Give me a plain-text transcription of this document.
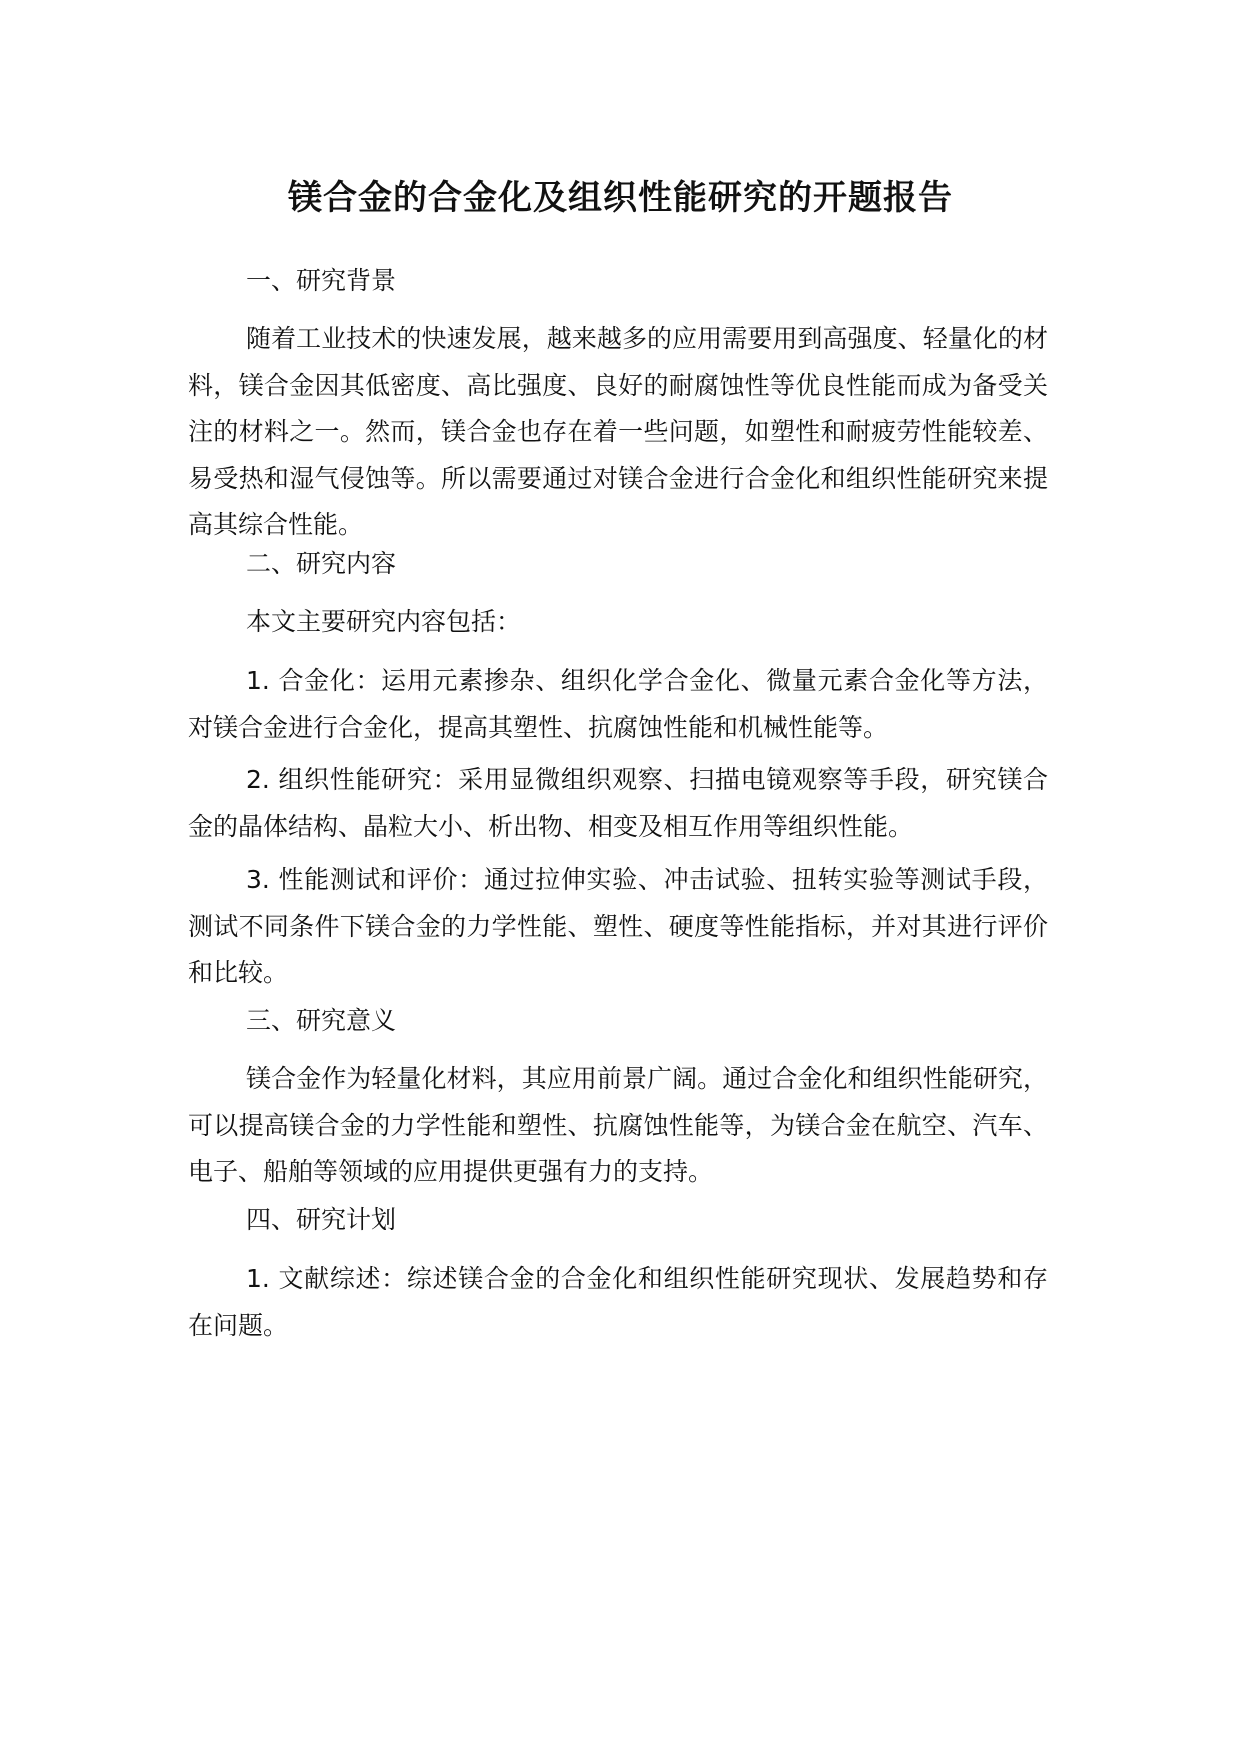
镁合金的合金化及组织性能研究的开题报告

一、研究背景

随着工业技术的快速发展，越来越多的应用需要用到高强度、轻量化的材料，镁合金因其低密度、高比强度、良好的耐腐蚀性等优良性能而成为备受关注的材料之一。然而，镁合金也存在着一些问题，如塑性和耐疲劳性能较差、易受热和湿气侵蚀等。所以需要通过对镁合金进行合金化和组织性能研究来提高其综合性能。

二、研究内容

本文主要研究内容包括：

1. 合金化：运用元素掺杂、组织化学合金化、微量元素合金化等方法，对镁合金进行合金化，提高其塑性、抗腐蚀性能和机械性能等。

2. 组织性能研究：采用显微组织观察、扫描电镜观察等手段，研究镁合金的晶体结构、晶粒大小、析出物、相变及相互作用等组织性能。

3. 性能测试和评价：通过拉伸实验、冲击试验、扭转实验等测试手段，测试不同条件下镁合金的力学性能、塑性、硬度等性能指标，并对其进行评价和比较。

三、研究意义

镁合金作为轻量化材料，其应用前景广阔。通过合金化和组织性能研究，可以提高镁合金的力学性能和塑性、抗腐蚀性能等，为镁合金在航空、汽车、电子、船舶等领域的应用提供更强有力的支持。

四、研究计划

1. 文献综述：综述镁合金的合金化和组织性能研究现状、发展趋势和存在问题。
